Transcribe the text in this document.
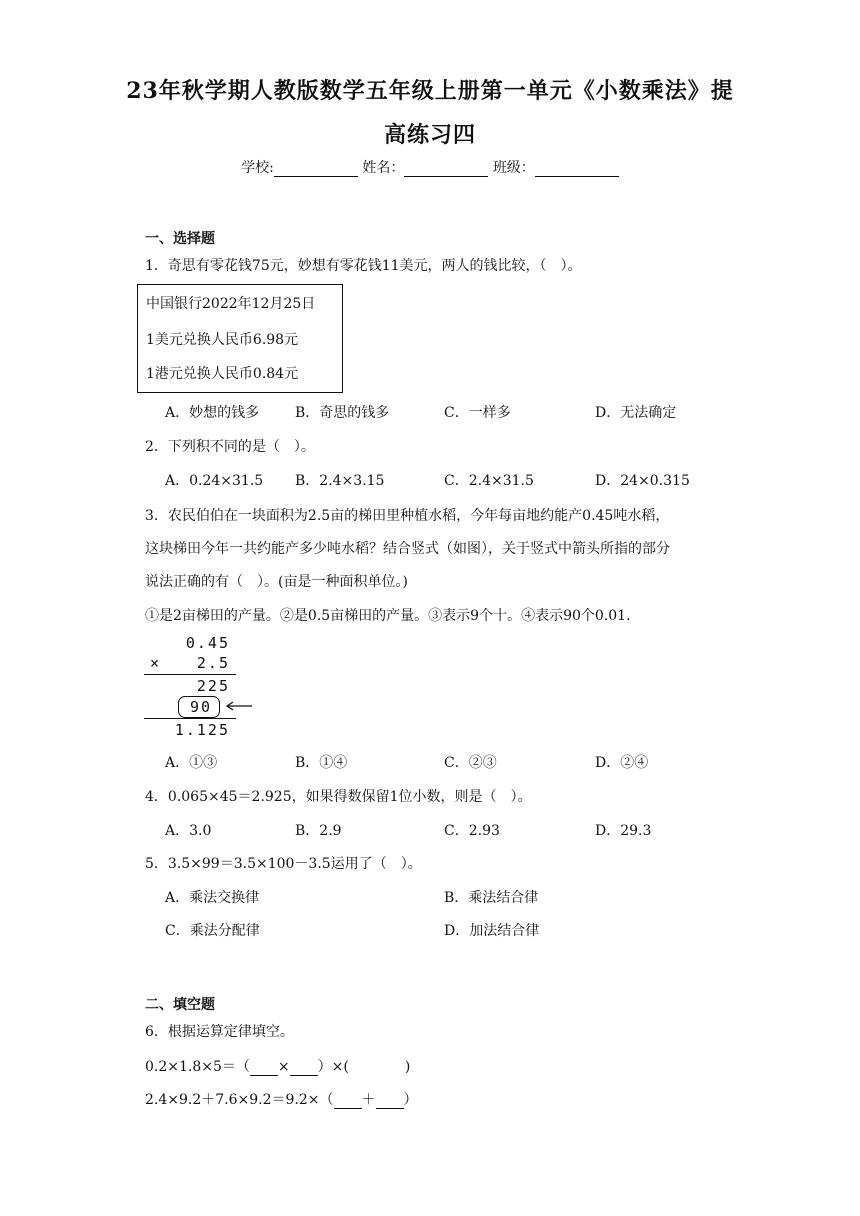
23年秋学期人教版数学五年级上册第一单元《小数乘法》提
高练习四
学校:	姓名：	班级：
一、选择题
1．奇思有零花钱75元，妙想有零花钱11美元，两人的钱比较，（　）。
中国银行2022年12月25日
1美元兑换人民币6.98元
1港元兑换人民币0.84元
A．妙想的钱多	B．奇思的钱多	C．一样多	D．无法确定
2．下列积不同的是（　）。
A．0.24×31.5 B．2.4×3.15	C．2.4×31.5	D．24×0.315
3．农民伯伯在一块面积为2.5亩的梯田里种植水稻，今年每亩地约能产0.45吨水稻，
这块梯田今年一共约能产多少吨水稻？结合竖式（如图），关于竖式中箭头所指的部分
说法正确的有（　）。(亩是一种面积单位。)
①是2亩梯田的产量。②是0.5亩梯田的产量。③表示9个十。④表示90个0.01.
0.45
×	2.5
225
90
1.125
A．①③	B．①④	C．②③	D．②④
4．0.065×45＝2.925，如果得数保留1位小数，则是（　）。
A．3.0	B．2.9	C．2.93	D．29.3
5．3.5×99＝3.5×100－3.5运用了（　）。
A．乘法交换律	B．乘法结合律
C．乘法分配律	D．加法结合律
二、填空题
6．根据运算定律填空。
0.2×1.8×5＝（ × ）×(　　　　)
2.4×9.2＋7.6×9.2＝9.2×（ ＋ ）
